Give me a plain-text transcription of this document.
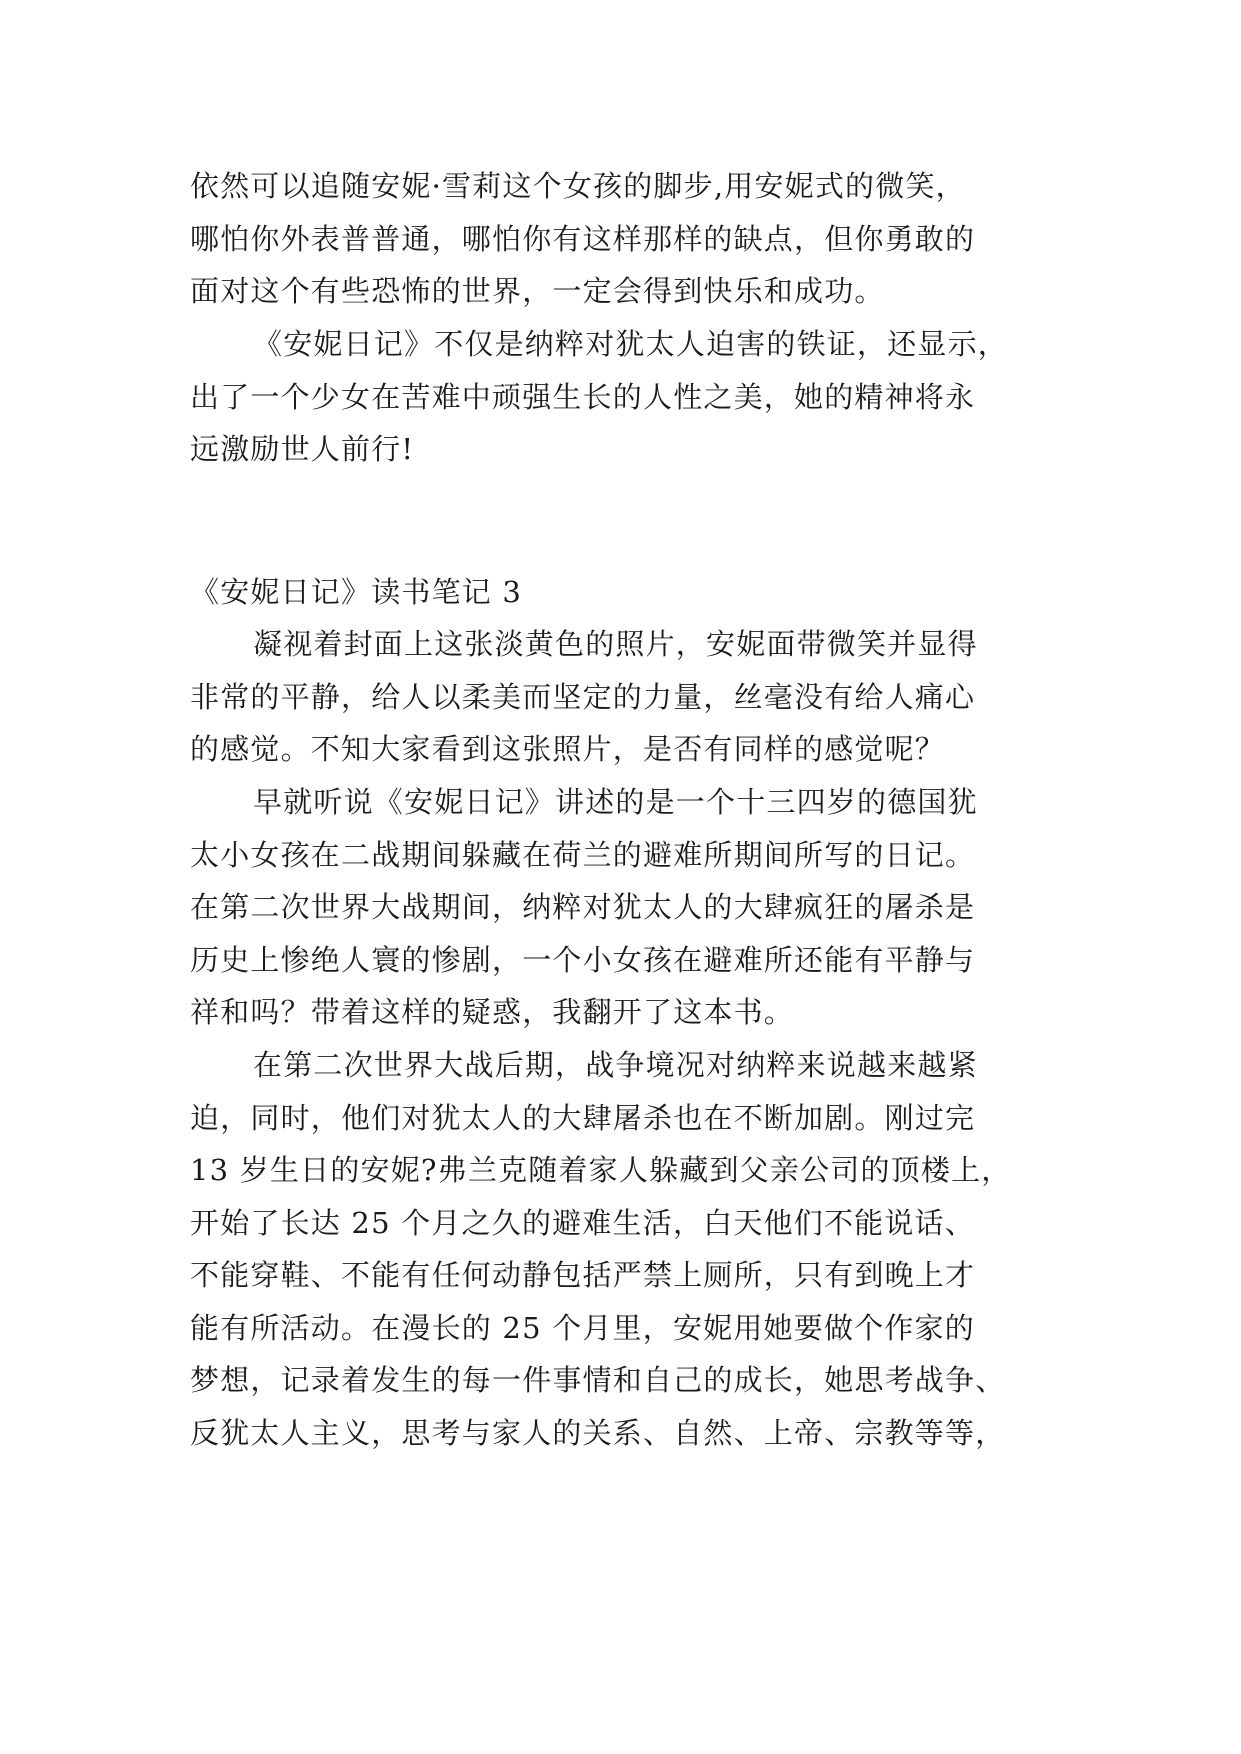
依然可以追随安妮·雪莉这个女孩的脚步,用安妮式的微笑，
哪怕你外表普普通，哪怕你有这样那样的缺点，但你勇敢的
面对这个有些恐怖的世界，一定会得到快乐和成功。
《安妮日记》不仅是纳粹对犹太人迫害的铁证，还显示，
出了一个少女在苦难中顽强生长的人性之美，她的精神将永
远激励世人前行!
《安妮日记》读书笔记 3
凝视着封面上这张淡黄色的照片，安妮面带微笑并显得
非常的平静，给人以柔美而坚定的力量，丝毫没有给人痛心
的感觉。不知大家看到这张照片，是否有同样的感觉呢？
早就听说《安妮日记》讲述的是一个十三四岁的德国犹
太小女孩在二战期间躲藏在荷兰的避难所期间所写的日记。
在第二次世界大战期间，纳粹对犹太人的大肆疯狂的屠杀是
历史上惨绝人寰的惨剧，一个小女孩在避难所还能有平静与
祥和吗？带着这样的疑惑，我翻开了这本书。
在第二次世界大战后期，战争境况对纳粹来说越来越紧
迫，同时，他们对犹太人的大肆屠杀也在不断加剧。刚过完
13 岁生日的安妮?弗兰克随着家人躲藏到父亲公司的顶楼上，
开始了长达 25 个月之久的避难生活，白天他们不能说话、
不能穿鞋、不能有任何动静包括严禁上厕所，只有到晚上才
能有所活动。在漫长的 25 个月里，安妮用她要做个作家的
梦想，记录着发生的每一件事情和自己的成长，她思考战争、
反犹太人主义，思考与家人的关系、自然、上帝、宗教等等，
